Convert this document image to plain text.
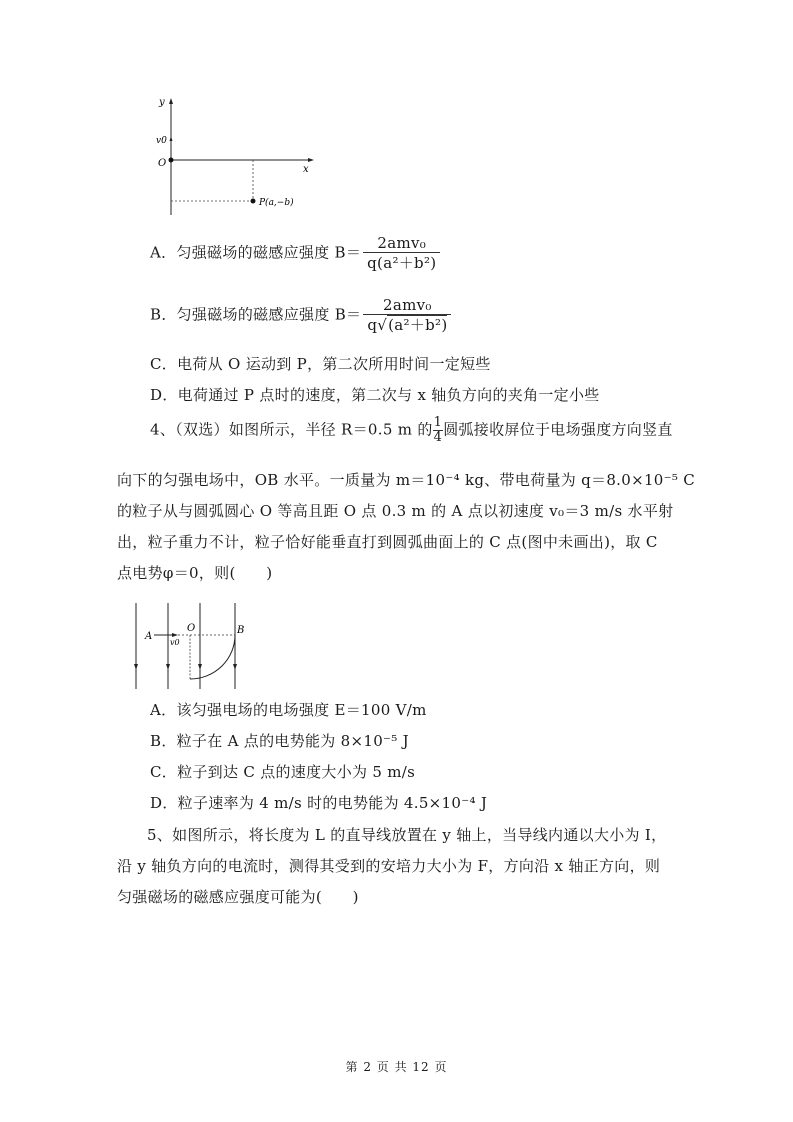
y
v0
O
x
P(a,−b)
A．匀强磁场的磁感应强度 $B= \frac{\text{2amv₀}}{\text{q(a²＋b²)}}$
B．匀强磁场的磁感应强度 $B= \frac{\text{2amv₀}}{\text{q√(a²＋b²)}}$
C．电荷从 O 运动到 P，第二次所用时间一定短些
D．电荷通过 P 点时的速度，第二次与 x 轴负方向的夹角一定小些
4、（双选）如图所示，半径 R＝0.5 m 的 $\frac{1}{4}$ 圆弧接收屏位于电场强度方向竖直
向下的匀强电场中，OB 水平。一质量为 m＝10⁻⁴ kg、带电荷量为 q＝8.0×10⁻⁵ C
的粒子从与圆弧圆心 O 等高且距 O 点 0.3 m 的 A 点以初速度 v₀＝3 m/s 水平射
出，粒子重力不计，粒子恰好能垂直打到圆弧曲面上的 C 点(图中未画出)，取 C
点电势φ＝0，则(　　)
A
O	B
v0
A．该匀强电场的电场强度 E＝100 V/m
B．粒子在 A 点的电势能为 8×10⁻⁵ J
C．粒子到达 C 点的速度大小为 5 m/s
D．粒子速率为 4 m/s 时的电势能为 4.5×10⁻⁴ J
5、如图所示，将长度为 L 的直导线放置在 y 轴上，当导线内通以大小为 I，
沿 y 轴负方向的电流时，测得其受到的安培力大小为 F，方向沿 x 轴正方向，则
匀强磁场的磁感应强度可能为(　　)
第 2 页 共 12 页
